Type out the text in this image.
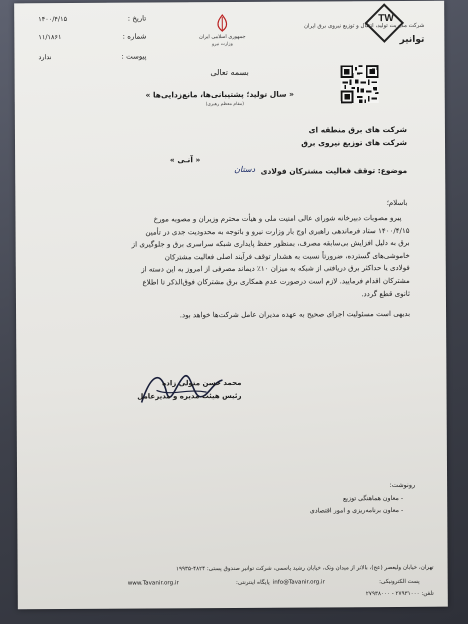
TW
شرکت مدیریت تولید، انتقال و توزیع نیروی برق ایران
توانیر
جمهوری اسلامی ایران
وزارت نیرو
تاریخ :
۱۴۰۰/۴/۱۵
شماره :
۱۱/۱۸۶۱
پیوست :
ندارد
بسمه تعالی
« سال تولید؛ پشتیبانی‌ها، مانع‌زدایی‌ها »
(مقام معظم رهبری)
شرکت های برق منطقه ای
شرکت های توزیع نیروی برق
« آنـی »
موضوع: توقف فعالیت مشترکان فولادی
دستان
باسلام؛

پیرو مصوبات دبیرخانه شورای عالی امنیت ملی و هیأت محترم وزیران و مصوبه مورخ

۱۴۰۰/۴/۱۵ ستاد فرماندهی راهبری اوج بار وزارت نیرو و باتوجه به محدودیت جدی در تأمین

برق به دلیل افزایش بی‌سابقه مصرف، بمنظور حفظ پایداری شبکه سراسری برق و جلوگیری از

خاموشی‌های گسترده، ضرورتاً نسبت به هشدار توقف فرآیند اصلی فعالیت مشترکان

فولادی یا حداکثر برق دریافتی از شبکه به میزان ۱۰٪ دیماند مصرفی از امروز به این دسته از

مشترکان اقدام فرمایید. لازم است درصورت عدم همکاری برق مشترکان فوق‌الذکر تا اطلاع

ثانوی قطع گردد.

بدیهی است مسئولیت اجرای صحیح به عهده مدیران عامل شرکت‌ها خواهد بود.
محمد حسن متولی زاده
رئیس هیئت مدیره و مدیرعامل
رونوشت:
- معاون هماهنگی توزیع
- معاون برنامه‌ریزی و امور اقتصادی
تهران، خیابان ولیعصر (عج)، بالاتر از میدان ونک، خیابان رشید یاسمی، شرکت توانیر صندوق پستی: ۴۸۲۴-۱۹۹۳۵
www.Tavanir.org.ir	پایگاه اینترنتی: info@Tavanir.org.ir	پست الکترونیکی:
تلفن: ۲۷۹۳۱۰۰۰ - ۲۷۹۳۸۰۰۰
